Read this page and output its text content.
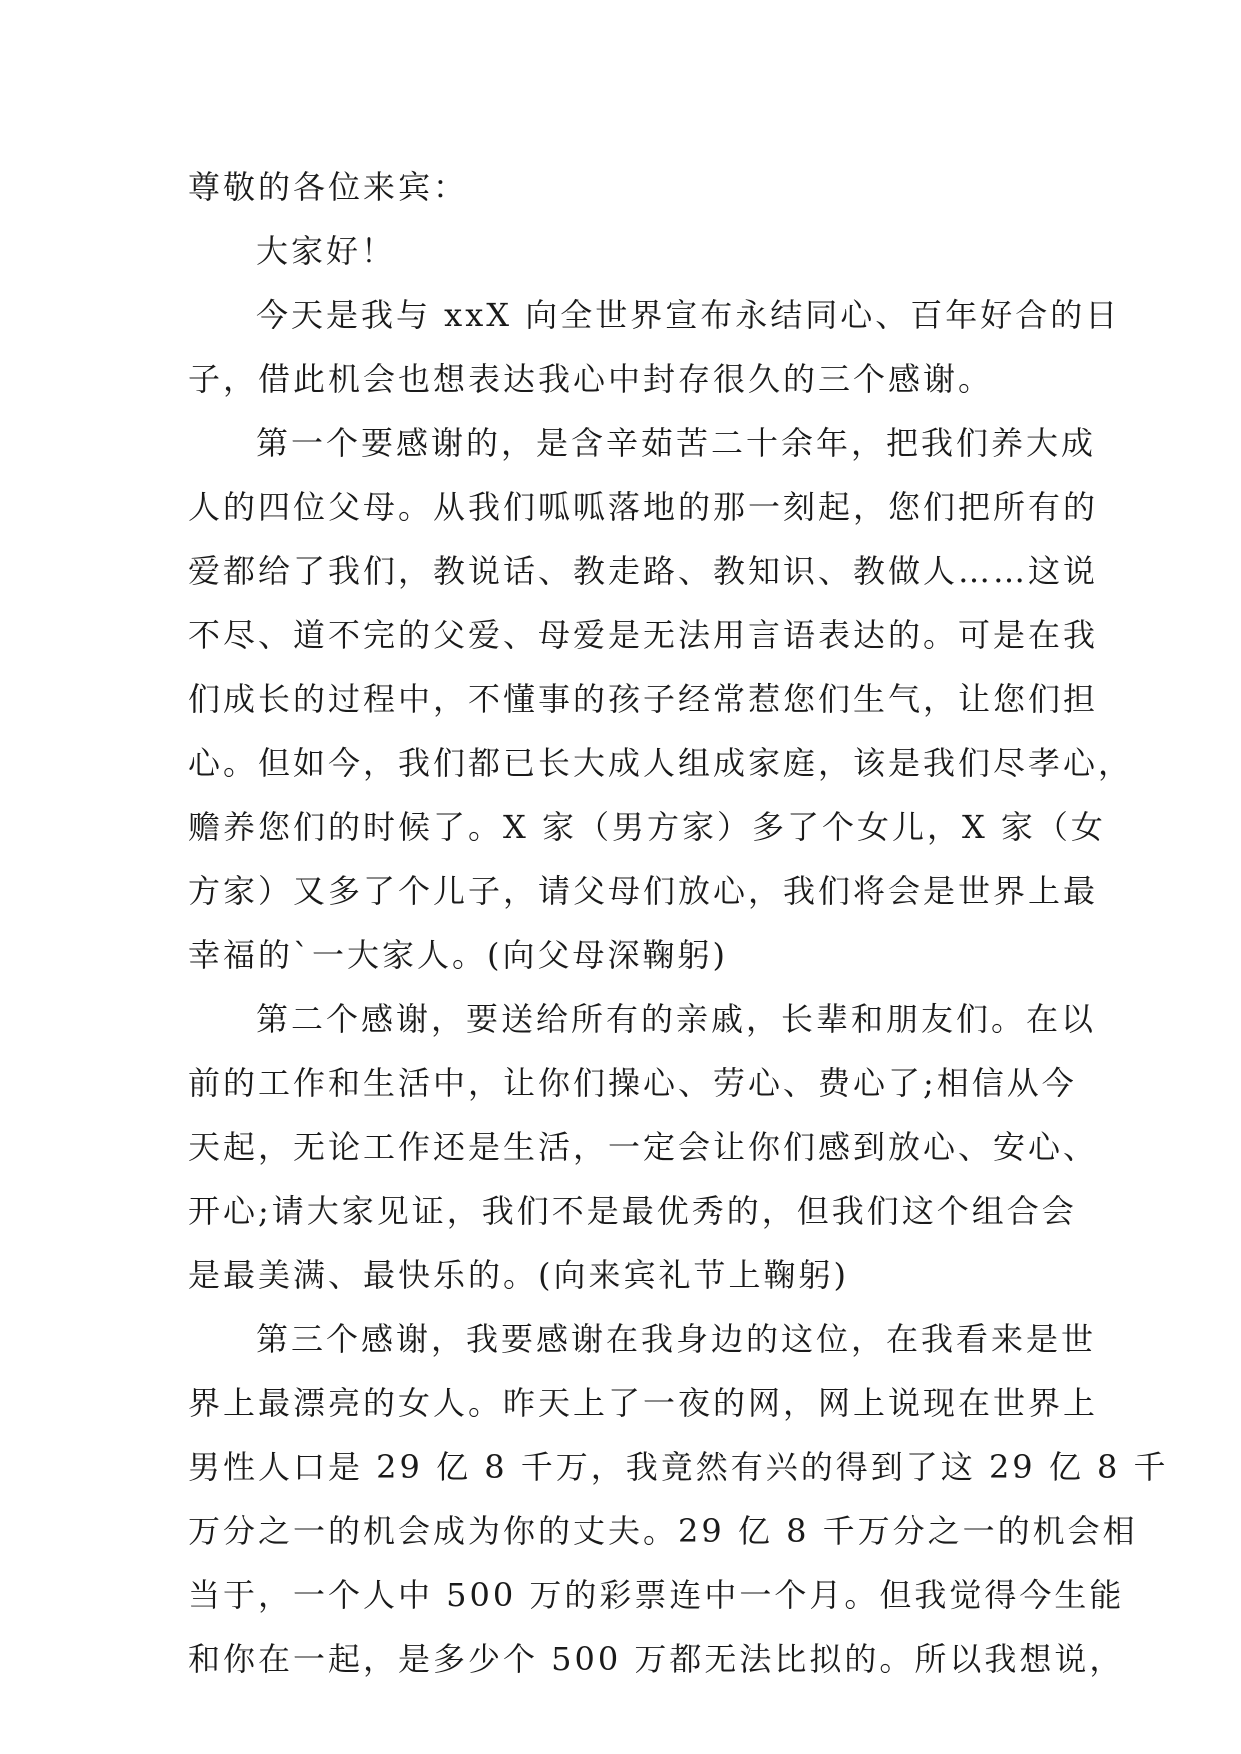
尊敬的各位来宾：
大家好！
今天是我与 xxX 向全世界宣布永结同心、百年好合的日
子，借此机会也想表达我心中封存很久的三个感谢。
第一个要感谢的，是含辛茹苦二十余年，把我们养大成
人的四位父母。从我们呱呱落地的那一刻起，您们把所有的
爱都给了我们，教说话、教走路、教知识、教做人……这说
不尽、道不完的父爱、母爱是无法用言语表达的。可是在我
们成长的过程中，不懂事的孩子经常惹您们生气，让您们担
心。但如今，我们都已长大成人组成家庭，该是我们尽孝心，
赡养您们的时候了。X 家（男方家）多了个女儿，X 家（女
方家）又多了个儿子，请父母们放心，我们将会是世界上最
幸福的`一大家人。(向父母深鞠躬)
第二个感谢，要送给所有的亲戚，长辈和朋友们。在以
前的工作和生活中，让你们操心、劳心、费心了;相信从今
天起，无论工作还是生活，一定会让你们感到放心、安心、
开心;请大家见证，我们不是最优秀的，但我们这个组合会
是最美满、最快乐的。(向来宾礼节上鞠躬)
第三个感谢，我要感谢在我身边的这位，在我看来是世
界上最漂亮的女人。昨天上了一夜的网，网上说现在世界上
男性人口是 29 亿 8 千万，我竟然有兴的得到了这 29 亿 8 千
万分之一的机会成为你的丈夫。29 亿 8 千万分之一的机会相
当于，一个人中 500 万的彩票连中一个月。但我觉得今生能
和你在一起，是多少个 500 万都无法比拟的。所以我想说，
